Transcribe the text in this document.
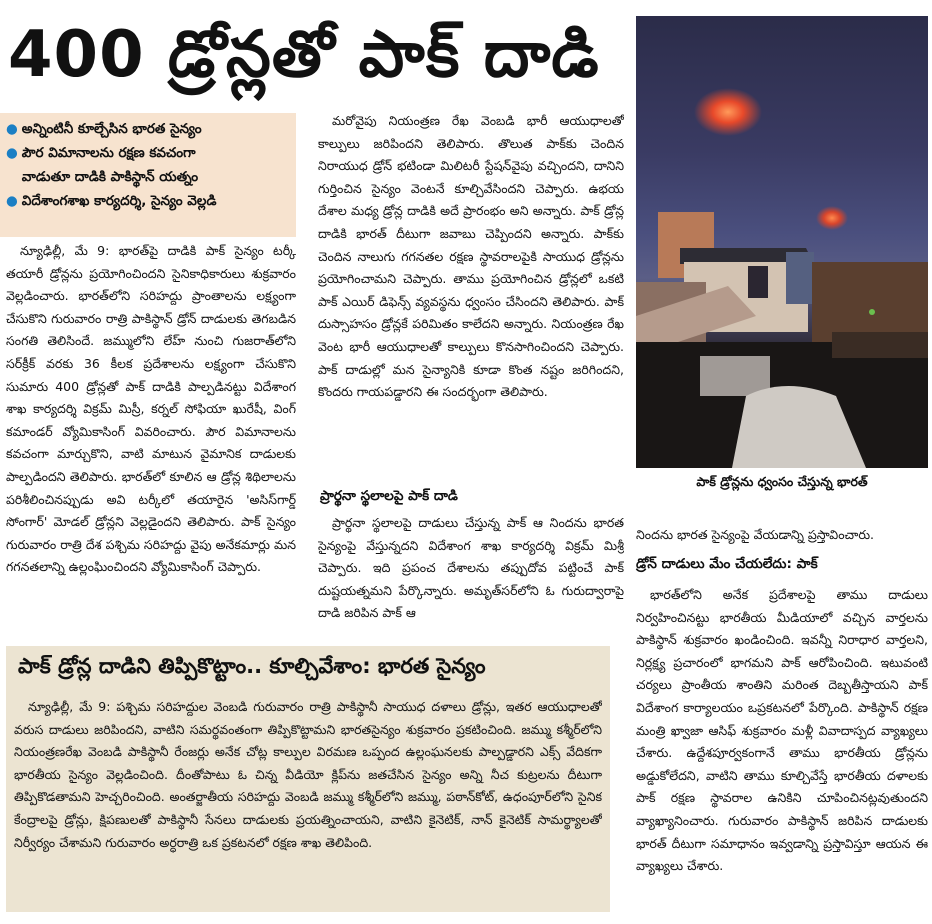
400 డ్రోన్లతో పాక్ దాడి
● అన్నింటినీ కూల్చేసిన భారత సైన్యం
● పౌర విమానాలను రక్షణ కవచంగా
వాడుతూ దాడికి పాకిస్థాన్ యత్నం
● విదేశాంగశాఖ కార్యదర్శి, సైన్యం వెల్లడి

న్యూఢిల్లీ, మే 9: భారత్‌పై దాడికి పాక్ సైన్యం టర్కీ తయారీ డ్రోన్లను ప్రయోగించిందని సైనికాధికారులు శుక్రవారం వెల్లడించారు. భారత్‌లోని సరిహద్దు ప్రాంతాలను లక్ష్యంగా చేసుకొని గురువారం రాత్రి పాకిస్థాన్ డ్రోన్ దాడులకు తెగబడిన సంగతి తెలిసిందే. జమ్ములోని లేహ్ నుంచి గుజరాత్‌లోని సర్‌క్రీక్ వరకు 36 కీలక ప్రదేశాలను లక్ష్యంగా చేసుకొని సుమారు 400 డ్రోన్లతో పాక్ దాడికి పాల్పడినట్టు విదేశాంగ శాఖ కార్యదర్శి విక్రమ్ మిస్రీ, కర్నల్ సోఫియా ఖురేషీ, వింగ్ కమాండర్ వ్యోమికాసింగ్ వివరించారు. పౌర విమానాలను కవచంగా మార్చుకొని, వాటి మాటున వైమానిక దాడులకు పాల్పడిందని తెలిపారు. భారత్‌లో కూలిన ఆ డ్రోన్ల శిథిలాలను పరిశీలించినప్పుడు అవి టర్కీలో తయారైన 'అసిస్‌గార్డ్ సోంగార్' మోడల్ డ్రోన్లని వెల్లడైందని తెలిపారు. పాక్ సైన్యం గురువారం రాత్రి దేశ పశ్చిమ సరిహద్దు వైపు అనేకమార్లు మన గగనతలాన్ని ఉల్లంఘించిందని వ్యోమికాసింగ్ చెప్పారు.

మరోవైపు నియంత్రణ రేఖ వెంబడి భారీ ఆయుధాలతో కాల్పులు జరిపిందని తెలిపారు. తొలుత పాక్‌కు చెందిన నిరాయుధ డ్రోన్ భటిండా మిలిటరీ స్టేషన్‌వైపు వచ్చిందని, దానిని గుర్తించిన సైన్యం వెంటనే కూల్చివేసిందని చెప్పారు. ఉభయ దేశాల మధ్య డ్రోన్ల దాడికి అదే ప్రారంభం అని అన్నారు. పాక్ డ్రోన్ల దాడికి భారత్ దీటుగా జవాబు చెప్పిందని అన్నారు. పాక్‌కు చెందిన నాలుగు గగనతల రక్షణ స్థావరాలపైకి సాయుధ డ్రోన్లను ప్రయోగించామని చెప్పారు. తాము ప్రయోగించిన డ్రోన్లలో ఒకటి పాక్ ఎయిర్ డిఫెన్స్ వ్యవస్థను ధ్వంసం చేసిందని తెలిపారు. పాక్ దుస్సాహసం డ్రోన్లకే పరిమితం కాలేదని అన్నారు. నియంత్రణ రేఖ వెంట భారీ ఆయుధాలతో కాల్పులు కొనసాగించిందని చెప్పారు. పాక్ దాడుల్లో మన సైన్యానికి కూడా కొంత నష్టం జరిగిందని, కొందరు గాయపడ్డారని ఈ సందర్భంగా తెలిపారు.

ప్రార్థనా స్థలాలపై పాక్ దాడి

ప్రార్థనా స్థలాలపై దాడులు చేస్తున్న పాక్ ఆ నిందను భారత సైన్యంపై వేస్తున్నదని విదేశాంగ శాఖ కార్యదర్శి విక్రమ్ మిశ్రీ చెప్పారు. ఇది ప్రపంచ దేశాలను తప్పుదోవ పట్టించే పాక్ దుష్టయత్నమని పేర్కొన్నారు. అమృత్‌సర్‌లోని ఓ గురుద్వారాపై దాడి జరిపిన పాక్ ఆ

పాక్ డ్రోన్లను ధ్వంసం చేస్తున్న భారత్

నిందను భారత సైన్యంపై వేయడాన్ని ప్రస్తావించారు.

డ్రోన్ దాడులు మేం చేయలేదు: పాక్

భారత్‌లోని అనేక ప్రదేశాలపై తాము దాడులు నిర్వహించినట్టు భారతీయ మీడియాలో వచ్చిన వార్తలను పాకిస్థాన్ శుక్రవారం ఖండించింది. ఇవన్నీ నిరాధార వార్తలని, నిర్లక్ష్య ప్రచారంలో భాగమని పాక్ ఆరోపించింది. ఇటువంటి చర్యలు ప్రాంతీయ శాంతిని మరింత దెబ్బతీస్తాయని పాక్ విదేశాంగ కార్యాలయం ఒప్రకటనలో పేర్కొంది. పాకిస్థాన్ రక్షణ మంత్రి ఖ్వాజా ఆసిఫ్ శుక్రవారం మళ్లీ వివాదాస్పద వ్యాఖ్యలు చేశారు. ఉద్దేశపూర్వకంగానే తాము భారతీయ డ్రోన్లను అడ్డుకోలేదని, వాటిని తాము కూల్చివేస్తే భారతీయ దళాలకు పాక్ రక్షణ స్థావరాల ఉనికిని చూపించినట్లవుతుందని వ్యాఖ్యానించారు. గురువారం పాకిస్థాన్ జరిపిన దాడులకు భారత్ దీటుగా సమాధానం ఇవ్వడాన్ని ప్రస్తావిస్తూ ఆయన ఈ వ్యాఖ్యలు చేశారు.

పాక్ డ్రోన్ల దాడిని తిప్పికొట్టాం.. కూల్చివేశాం: భారత సైన్యం

న్యూఢిల్లీ, మే 9: పశ్చిమ సరిహద్దుల వెంబడి గురువారం రాత్రి పాకిస్థానీ సాయుధ దళాలు డ్రోన్లు, ఇతర ఆయుధాలతో వరుస దాడులు జరిపిందని, వాటిని సమర్థవంతంగా తిప్పికొట్టామని భారతసైన్యం శుక్రవారం ప్రకటించింది. జమ్ము కశ్మీర్‌లోని నియంత్రణరేఖ వెంబడి పాకిస్థానీ రేంజర్లు అనేక చోట్ల కాల్పుల విరమణ ఒప్పంద ఉల్లంఘనలకు పాల్పడ్డారని ఎక్స్ వేదికగా భారతీయ సైన్యం వెల్లడించింది. దీంతోపాటు ఓ చిన్న వీడియో క్లిప్‌ను జతచేసిన సైన్యం అన్ని నీచ కుట్రలను దీటుగా తిప్పికొడతామని హెచ్చరించింది. అంతర్జాతీయ సరిహద్దు వెంబడి జమ్ము కశ్మీర్‌లోని జమ్ము, పఠాన్‌కోట్, ఉధంపూర్‌లోని సైనిక కేంద్రాలపై డ్రోన్లు, క్షిపణులతో పాకిస్థానీ సేనలు దాడులకు ప్రయత్నించాయని, వాటిని కైనెటిక్, నాన్ కైనెటిక్ సామర్థ్యాలతో నిర్వీర్యం చేశామని గురువారం అర్ధరాత్రి ఒక ప్రకటనలో రక్షణ శాఖ తెలిపింది.
